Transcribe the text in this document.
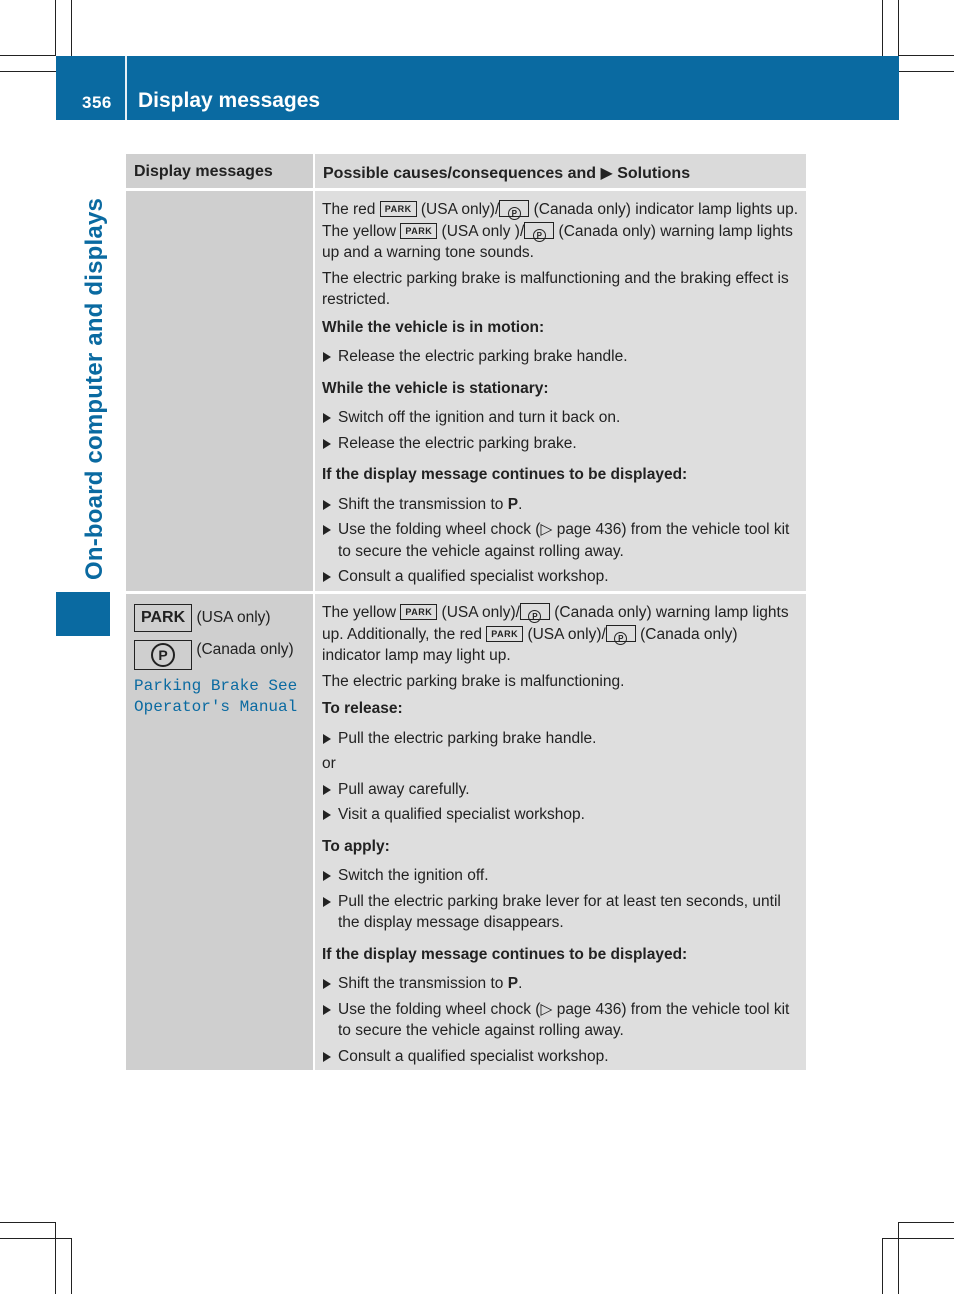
356 Display messages
On-board computer and displays
Display messages	Possible causes/consequences and ▶ Solutions

The red PARK (USA only)/ P (Canada only) indicator lamp lights up. The yellow PARK (USA only )/ P (Canada only) warning lamp lights up and a warning tone sounds.

The electric parking brake is malfunctioning and the braking effect is restricted.

While the vehicle is in motion:

Release the electric parking brake handle.

While the vehicle is stationary:

Switch off the ignition and turn it back on.
Release the electric parking brake.

If the display message continues to be displayed:

Shift the transmission to P.
Use the folding wheel chock (▷ page 436) from the vehicle tool kit to secure the vehicle against rolling away.
Consult a qualified specialist workshop.
PARK (USA only)
P (Canada only)
Parking Brake See
Operator's Manual

The yellow PARK (USA only)/ P (Canada only) warning lamp lights up. Additionally, the red PARK (USA only)/ P (Canada only) indicator lamp may light up.

The electric parking brake is malfunctioning.

To release:

Pull the electric parking brake handle.

or

Pull away carefully.
Visit a qualified specialist workshop.

To apply:

Switch the ignition off.
Pull the electric parking brake lever for at least ten seconds, until the display message disappears.

If the display message continues to be displayed:

Shift the transmission to P.
Use the folding wheel chock (▷ page 436) from the vehicle tool kit to secure the vehicle against rolling away.
Consult a qualified specialist workshop.
